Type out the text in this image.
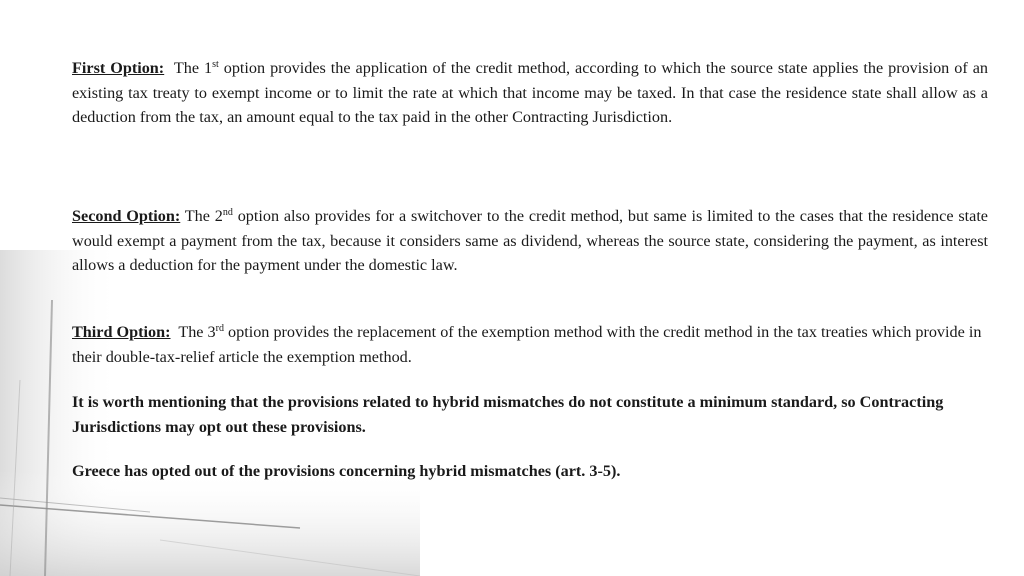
First Option: The 1st option provides the application of the credit method, according to which the source state applies the provision of an existing tax treaty to exempt income or to limit the rate at which that income may be taxed. In that case the residence state shall allow as a deduction from the tax, an amount equal to the tax paid in the other Contracting Jurisdiction.

Second Option: The 2nd option also provides for a switchover to the credit method, but same is limited to the cases that the residence state would exempt a payment from the tax, because it considers same as dividend, whereas the source state, considering the payment, as interest allows a deduction for the payment under the domestic law.

Third Option: The 3rd option provides the replacement of the exemption method with the credit method in the tax treaties which provide in their double-tax-relief article the exemption method.

It is worth mentioning that the provisions related to hybrid mismatches do not constitute a minimum standard, so Contracting Jurisdictions may opt out these provisions.

Greece has opted out of the provisions concerning hybrid mismatches (art. 3-5).
